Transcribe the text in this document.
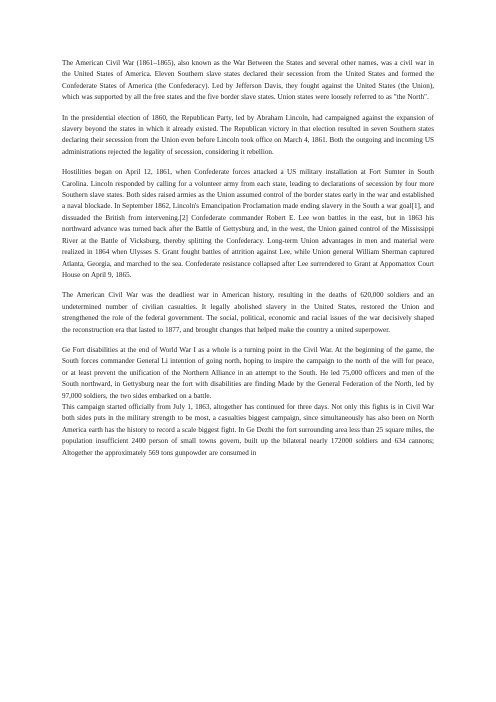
The American Civil War (1861–1865), also known as the War Between the States and several other names, was a civil war in the United States of America. Eleven Southern slave states declared their secession from the United States and formed the Confederate States of America (the Confederacy). Led by Jefferson Davis, they fought against the United States (the Union), which was supported by all the free states and the five border slave states. Union states were loosely referred to as "the North".

In the presidential election of 1860, the Republican Party, led by Abraham Lincoln, had campaigned against the expansion of slavery beyond the states in which it already existed. The Republican victory in that election resulted in seven Southern states declaring their secession from the Union even before Lincoln took office on March 4, 1861. Both the outgoing and incoming US administrations rejected the legality of secession, considering it rebellion.

Hostilities began on April 12, 1861, when Confederate forces attacked a US military installation at Fort Sumter in South Carolina. Lincoln responded by calling for a volunteer army from each state, leading to declarations of secession by four more Southern slave states. Both sides raised armies as the Union assumed control of the border states early in the war and established a naval blockade. In September 1862, Lincoln's Emancipation Proclamation made ending slavery in the South a war goal[1], and dissuaded the British from intervening.[2] Confederate commander Robert E. Lee won battles in the east, but in 1863 his northward advance was turned back after the Battle of Gettysburg and, in the west, the Union gained control of the Mississippi River at the Battle of Vicksburg, thereby splitting the Confederacy. Long-term Union advantages in men and material were realized in 1864 when Ulysses S. Grant fought battles of attrition against Lee, while Union general William Sherman captured Atlanta, Georgia, and marched to the sea. Confederate resistance collapsed after Lee surrendered to Grant at Appomattox Court House on April 9, 1865.

The American Civil War was the deadliest war in American history, resulting in the deaths of 620,000 soldiers and an undetermined number of civilian casualties. It legally abolished slavery in the United States, restored the Union and strengthened the role of the federal government. The social, political, economic and racial issues of the war decisively shaped the reconstruction era that lasted to 1877, and brought changes that helped make the country a united superpower.

Ge Fort disabilities at the end of World War I as a whole is a turning point in the Civil War. At the beginning of the game, the South forces commander General Li intention of going north, hoping to inspire the campaign to the north of the will for peace, or at least prevent the unification of the Northern Alliance in an attempt to the South. He led 75,000 officers and men of the South northward, in Gettysburg near the fort with disabilities are finding Made by the General Federation of the North, led by 97,000 soldiers, the two sides embarked on a battle.

This campaign started officially from July 1, 1863, altogether has continued for three days. Not only this fights is in Civil War both sides puts in the military strength to be most, a casualties biggest campaign, since simultaneously has also been on North America earth has the history to record a scale biggest fight. In Ge Dezhi the fort surrounding area less than 25 square miles, the population insufficient 2400 person of small towns govern, built up the bilateral nearly 172000 soldiers and 634 cannons; Altogether the approximately 569 tons gunpowder are consumed in
